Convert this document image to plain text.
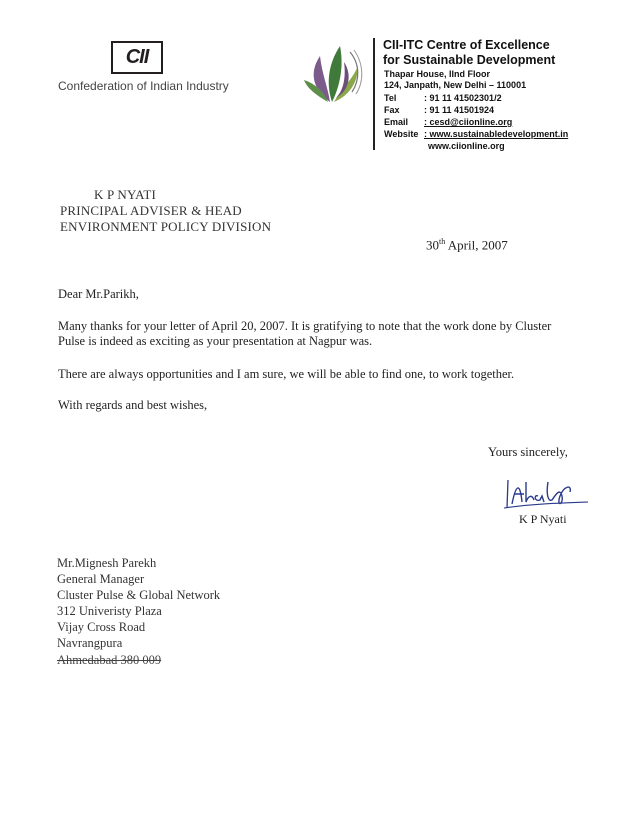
CII
Confederation of Indian Industry
CII-ITC Centre of Excellence
for Sustainable Development
Thapar House, IInd Floor
124, Janpath, New Delhi – 110001
Tel	: 91 11 41502301/2
Fax	: 91 11 41501924
Email : cesd@ciionline.org
Website : www.sustainabledevelopment.in
www.ciionline.org
K P NYATI
PRINCIPAL ADVISER & HEAD
ENVIRONMENT POLICY DIVISION
30th April, 2007
Dear Mr.Parikh,
Many thanks for your letter of April 20, 2007. It is gratifying to note that the work done by Cluster
Pulse is indeed as exciting as your presentation at Nagpur was.
There are always opportunities and I am sure, we will be able to find one, to work together.
With regards and best wishes,
Yours sincerely,
K P Nyati
Mr.Mignesh Parekh
General Manager
Cluster Pulse & Global Network
312 Univeristy Plaza
Vijay Cross Road
Navrangpura
Ahmedabad 380 009
